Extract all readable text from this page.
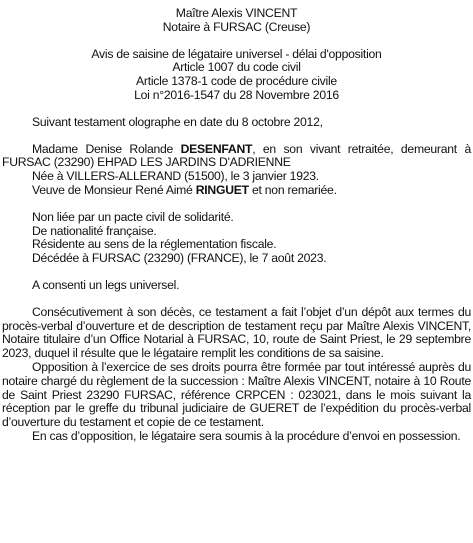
Maître Alexis VINCENT
Notaire à FURSAC (Creuse)
Avis de saisine de légataire universel - délai d'opposition
Article 1007 du code civil
Article 1378-1 code de procédure civile
Loi n°2016-1547 du 28 Novembre 2016
Suivant testament olographe en date du 8 octobre 2012,
Madame Denise Rolande DESENFANT, en son vivant retraitée, demeurant à FURSAC (23290) EHPAD LES JARDINS D'ADRIENNE
Née à VILLERS-ALLERAND (51500), le 3 janvier 1923.
Veuve de Monsieur René Aimé RINGUET et non remariée.
Non liée par un pacte civil de solidarité.
De nationalité française.
Résidente au sens de la réglementation fiscale.
Décédée à FURSAC (23290) (FRANCE), le 7 août 2023.
A consenti un legs universel.
Consécutivement à son décès, ce testament a fait l’objet d’un dépôt aux termes du procès-verbal d’ouverture et de description de testament reçu par Maître Alexis VINCENT, Notaire titulaire d’un Office Notarial à FURSAC, 10, route de Saint Priest, le 29 septembre 2023, duquel il résulte que le légataire remplit les conditions de sa saisine.
Opposition à l’exercice de ses droits pourra être formée par tout intéressé auprès du notaire chargé du règlement de la succession : Maître Alexis VINCENT, notaire à 10 Route de Saint Priest 23290 FURSAC, référence CRPCEN : 023021, dans le mois suivant la réception par le greffe du tribunal judiciaire de GUERET de l’expédition du procès-verbal d’ouverture du testament et copie de ce testament.
En cas d’opposition, le légataire sera soumis à la procédure d’envoi en possession.
